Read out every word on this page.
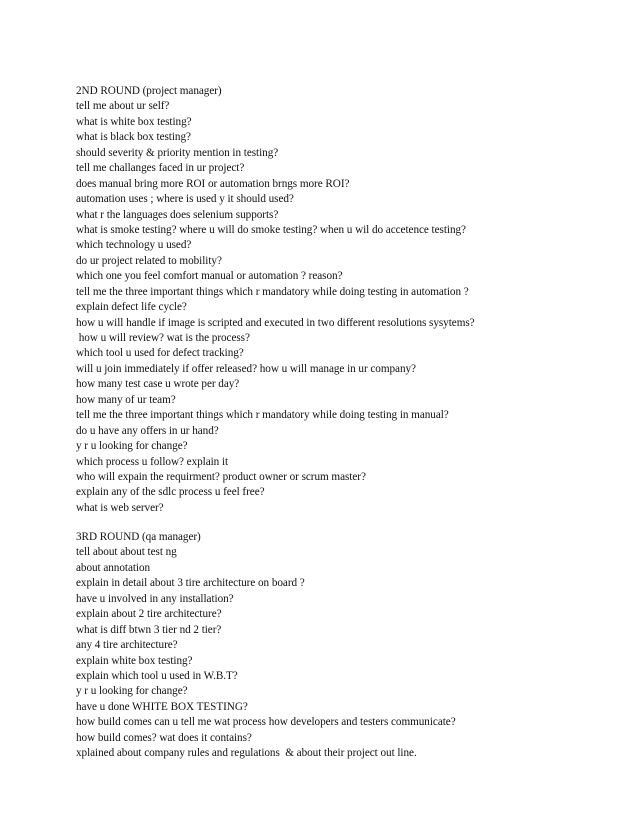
2ND ROUND (project manager)
tell me about ur self?
what is white box testing?
what is black box testing?
should severity & priority mention in testing?
tell me challanges faced in ur project?
does manual bring more ROI or automation brngs more ROI?
automation uses ; where is used y it should used?
what r the languages does selenium supports?
what is smoke testing? where u will do smoke testing? when u wil do accetence testing?
which technology u used?
do ur project related to mobility?
which one you feel comfort manual or automation ? reason?
tell me the three important things which r mandatory while doing testing in automation ?
explain defect life cycle?
how u will handle if image is scripted and executed in two different resolutions sysytems?
how u will review? wat is the process?
which tool u used for defect tracking?
will u join immediately if offer released? how u will manage in ur company?
how many test case u wrote per day?
how many of ur team?
tell me the three important things which r mandatory while doing testing in manual?
do u have any offers in ur hand?
y r u looking for change?
which process u follow? explain it
who will expain the requirment? product owner or scrum master?
explain any of the sdlc process u feel free?
what is web server?
3RD ROUND (qa manager)
tell about about test ng
about annotation
explain in detail about 3 tire architecture on board ?
have u involved in any installation?
explain about 2 tire architecture?
what is diff btwn 3 tier nd 2 tier?
any 4 tire architecture?
explain white box testing?
explain which tool u used in W.B.T?
y r u looking for change?
have u done WHITE BOX TESTING?
how build comes can u tell me wat process how developers and testers communicate?
how build comes? wat does it contains?
xplained about company rules and regulations  & about their project out line.
